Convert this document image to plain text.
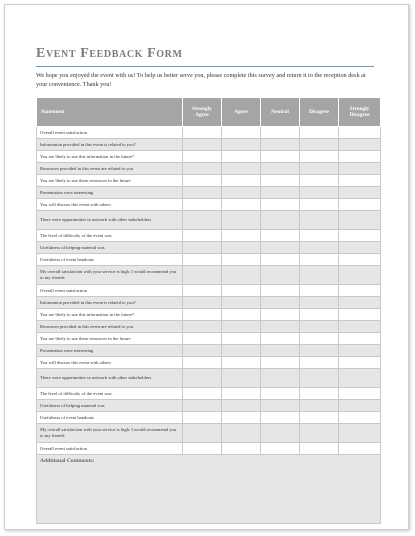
Event Feedback Form
We hope you enjoyed the event with us! To help us better serve you, please complete this survey and return it to the reception desk at your convenience. Thank you!
Statement	Strongly Agree	Agree	Neutral	Disagree	Strongly Disagree
Overall event satisfaction					
Information provided in this event is related to you?					
You are likely to use this information in the future?					
Resources provided in this event are related to you					
You are likely to use these resources in the future					
Presentation were interesting					
You will discuss this event with others					
There were opportunities to network with other stakeholders					
The level of difficulty of the event was					
Usefulness of helping material was					
Usefulness of event handouts					
My overall satisfaction with your service is high. I would recommend you to my friends					
Overall event satisfaction					
Information provided in this event is related to you?					
You are likely to use this information in the future?					
Resources provided in this event are related to you					
You are likely to use these resources in the future					
Presentation were interesting					
You will discuss this event with others					
There were opportunities to network with other stakeholders					
The level of difficulty of the event was					
Usefulness of helping material was					
Usefulness of event handouts					
My overall satisfaction with your service is high. I would recommend you to my friends					
Overall event satisfaction					
Additional Comments:					
